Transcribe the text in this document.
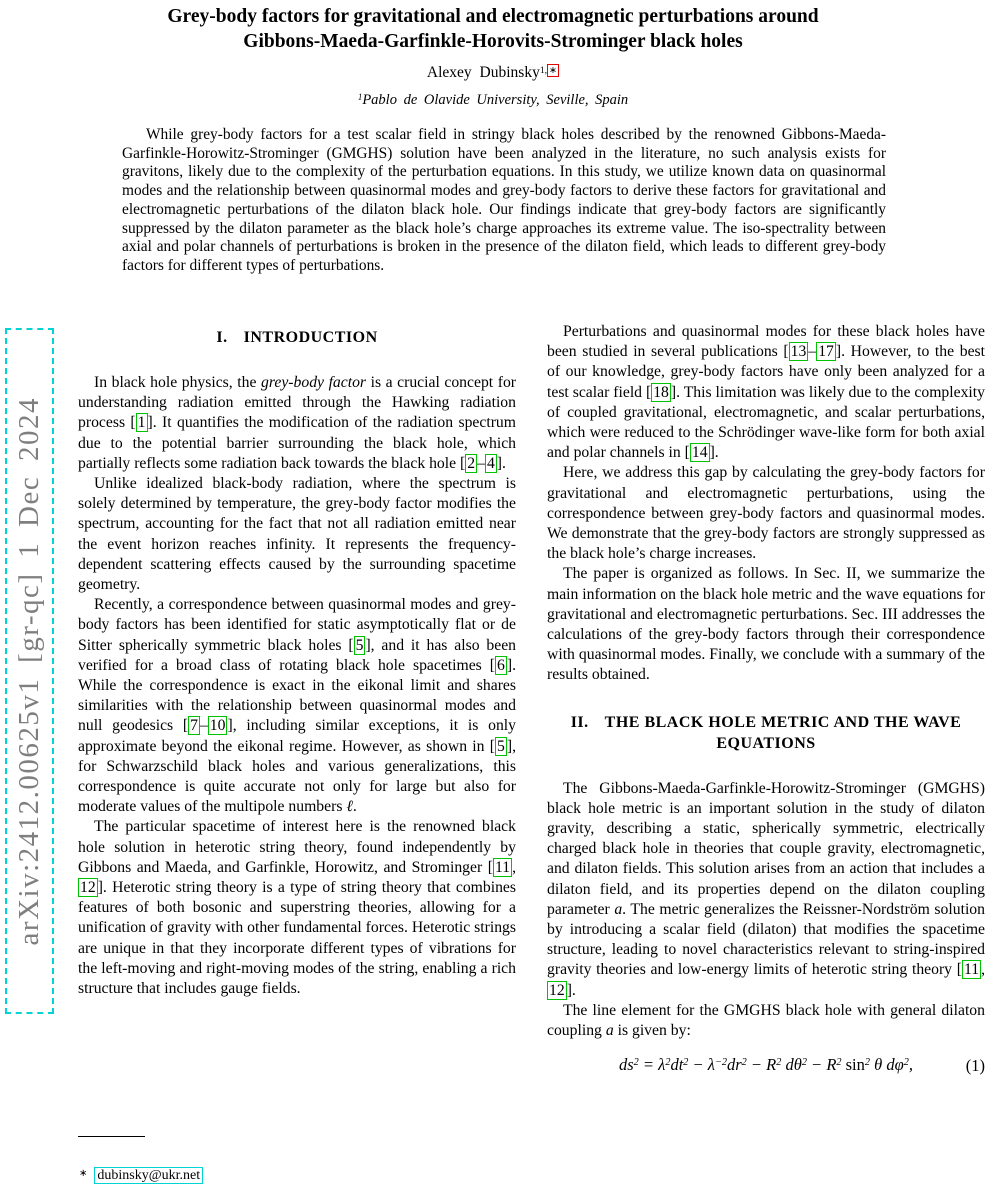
arXiv:2412.00625v1 [gr-qc] 1 Dec 2024
Grey-body factors for gravitational and electromagnetic perturbations around
Gibbons-Maeda-Garfinkle-Horovits-Strominger black holes
Alexey Dubinsky$^{1,}$ ∗
$^1$Pablo de Olavide University, Seville, Spain
While grey-body factors for a test scalar field in stringy black holes described by the renowned Gibbons-Maeda-Garfinkle-Horowitz-Strominger (GMGHS) solution have been analyzed in the literature, no such analysis exists for gravitons, likely due to the complexity of the perturbation equations. In this study, we utilize known data on quasinormal modes and the relationship between quasinormal modes and grey-body factors to derive these factors for gravitational and electromagnetic perturbations of the dilaton black hole. Our findings indicate that grey-body factors are significantly suppressed by the dilaton parameter as the black hole’s charge approaches its extreme value. The iso-spectrality between axial and polar channels of perturbations is broken in the presence of the dilaton field, which leads to different grey-body factors for different types of perturbations.
I. INTRODUCTION

In black hole physics, the grey-body factor is a crucial concept for understanding radiation emitted through the Hawking radiation process [ 1 ]. It quantifies the modification of the radiation spectrum due to the potential barrier surrounding the black hole, which partially reflects some radiation back towards the black hole [ 2 – 4 ].

Unlike idealized black-body radiation, where the spectrum is solely determined by temperature, the grey-body factor modifies the spectrum, accounting for the fact that not all radiation emitted near the event horizon reaches infinity. It represents the frequency-dependent scattering effects caused by the surrounding spacetime geometry.

Recently, a correspondence between quasinormal modes and grey-body factors has been identified for static asymptotically flat or de Sitter spherically symmetric black holes [ 5 ], and it has also been verified for a broad class of rotating black hole spacetimes [ 6 ]. While the correspondence is exact in the eikonal limit and shares similarities with the relationship between quasinormal modes and null geodesics [ 7 – 10 ], including similar exceptions, it is only approximate beyond the eikonal regime. However, as shown in [ 5 ], for Schwarzschild black holes and various generalizations, this correspondence is quite accurate not only for large but also for moderate values of the multipole numbers ℓ.

The particular spacetime of interest here is the renowned black hole solution in heterotic string theory, found independently by Gibbons and Maeda, and Garfinkle, Horowitz, and Strominger [ 11 , 12 ]. Heterotic string theory is a type of string theory that combines features of both bosonic and superstring theories, allowing for a unification of gravity with other fundamental forces. Heterotic strings are unique in that they incorporate different types of vibrations for the left-moving and right-moving modes of the string, enabling a rich structure that includes gauge fields.

Perturbations and quasinormal modes for these black holes have been studied in several publications [ 13 – 17 ]. However, to the best of our knowledge, grey-body factors have only been analyzed for a test scalar field [ 18 ]. This limitation was likely due to the complexity of coupled gravitational, electromagnetic, and scalar perturbations, which were reduced to the Schrödinger wave-like form for both axial and polar channels in [ 14 ].

Here, we address this gap by calculating the grey-body factors for gravitational and electromagnetic perturbations, using the correspondence between grey-body factors and quasinormal modes. We demonstrate that the grey-body factors are strongly suppressed as the black hole’s charge increases.

The paper is organized as follows. In Sec. II, we summarize the main information on the black hole metric and the wave equations for gravitational and electromagnetic perturbations. Sec. III addresses the calculations of the grey-body factors through their correspondence with quasinormal modes. Finally, we conclude with a summary of the results obtained.

II. THE BLACK HOLE METRIC AND THE WAVE EQUATIONS

The Gibbons-Maeda-Garfinkle-Horowitz-Strominger (GMGHS) black hole metric is an important solution in the study of dilaton gravity, describing a static, spherically symmetric, electrically charged black hole in theories that couple gravity, electromagnetic, and dilaton fields. This solution arises from an action that includes a dilaton field, and its properties depend on the dilaton coupling parameter a. The metric generalizes the Reissner-Nordström solution by introducing a scalar field (dilaton) that modifies the spacetime structure, leading to novel characteristics relevant to string-inspired gravity theories and low-energy limits of heterotic string theory [ 11 , 12 ].

The line element for the GMGHS black hole with general dilaton coupling a is given by:

$ds^2 = \lambda^2dt^2 - \lambda^{-2}dr^2 - R^2$ $d\theta^2 - R^2$ $\sin^2 \theta$ $d\varphi^2$,	(1)
∗ dubinsky@ukr.net
